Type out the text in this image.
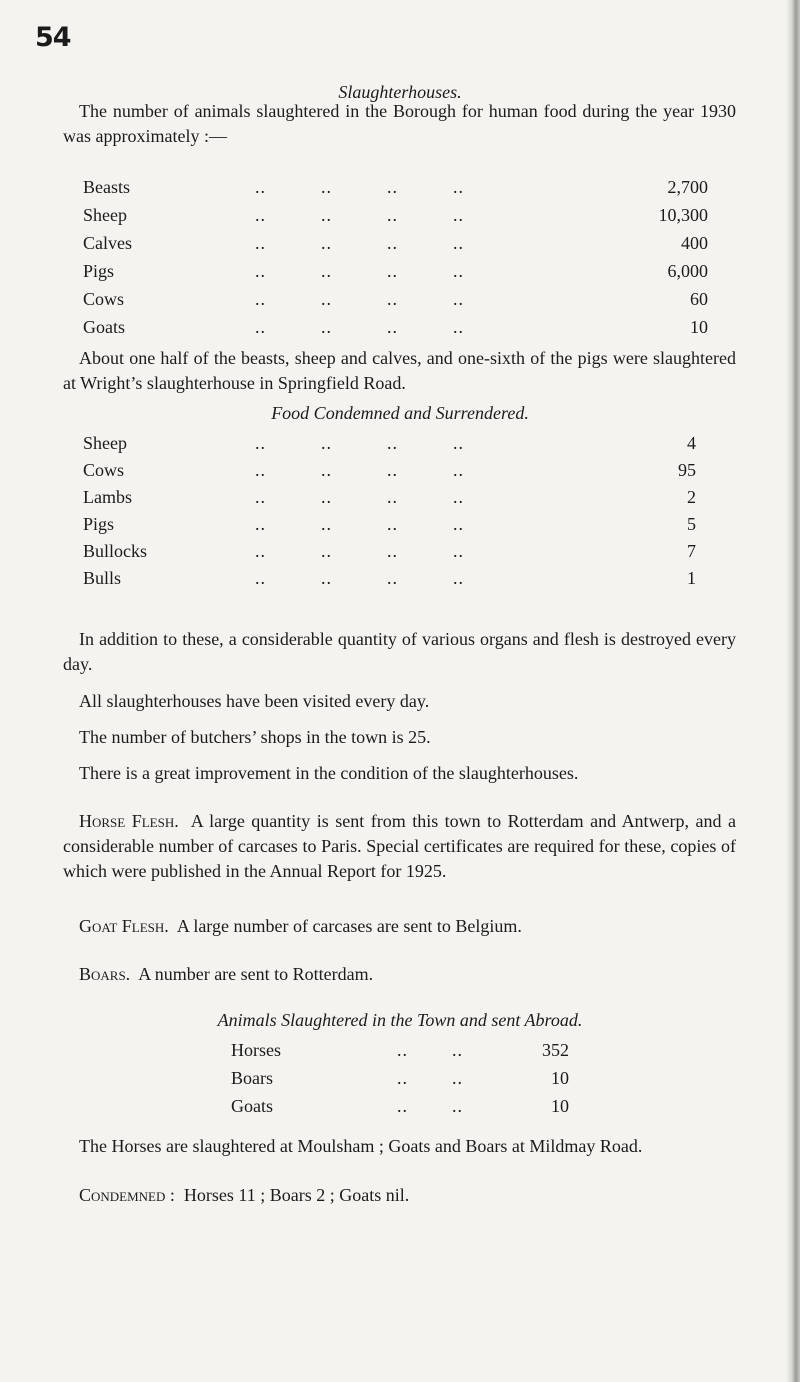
54
Slaughterhouses.
The number of animals slaughtered in the Borough for human food during the year 1930 was approximately :—
Beasts	..          ..          ..          ..	2,700
Sheep	..          ..          ..          ..	10,300
Calves	..          ..          ..          ..	400
Pigs	..          ..          ..          ..	6,000
Cows	..          ..          ..          ..	60
Goats	..          ..          ..          ..	10
About one half of the beasts, sheep and calves, and one-sixth of the pigs were slaughtered at Wright’s slaughterhouse in Springfield Road.
Food Condemned and Surrendered.
Sheep	..          ..          ..          ..	4
Cows	..          ..          ..          ..	95
Lambs	..          ..          ..          ..	2
Pigs	..          ..          ..          ..	5
Bullocks	..          ..          ..          ..	7
Bulls	..          ..          ..          ..	1
In addition to these, a considerable quantity of various organs and flesh is destroyed every day.
All slaughterhouses have been visited every day.
The number of butchers’ shops in the town is 25.
There is a great improvement in the condition of the slaughterhouses.
Horse Flesh. A large quantity is sent from this town to Rotterdam and Antwerp, and a considerable number of carcases to Paris. Special certificates are required for these, copies of which were published in the Annual Report for 1925.
Goat Flesh. A large number of carcases are sent to Belgium.
Boars. A number are sent to Rotterdam.
Animals Slaughtered in the Town and sent Abroad.
Horses	..        ..	352
Boars	..        ..	10
Goats	..        ..	10
The Horses are slaughtered at Moulsham ; Goats and Boars at Mildmay Road.
Condemned : Horses 11 ; Boars 2 ; Goats nil.
